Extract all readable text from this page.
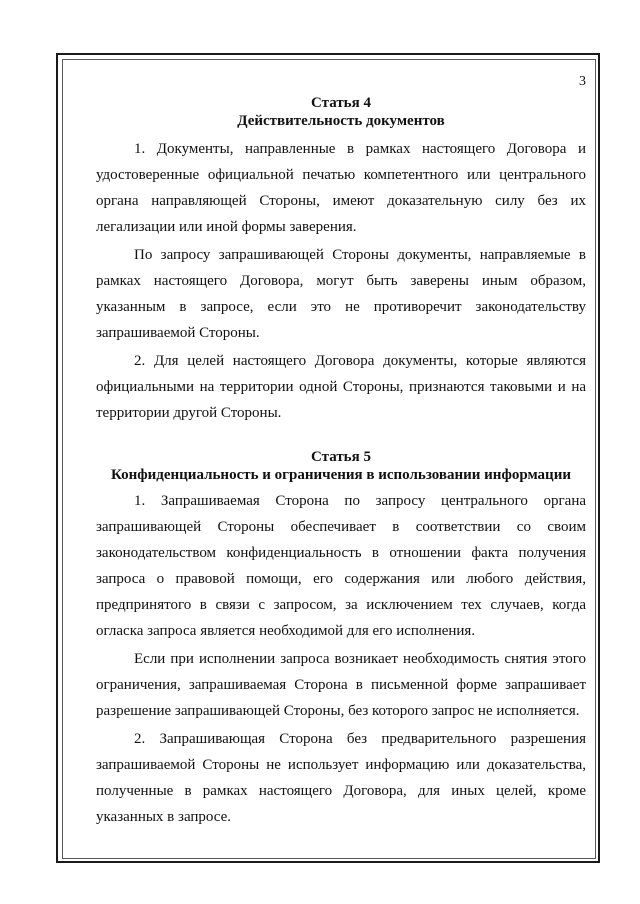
3

Статья 4

Действительность документов

1. Документы, направленные в рамках настоящего Договора и удостоверенные официальной печатью компетентного или центрального органа направляющей Стороны, имеют доказательную силу без их легализации или иной формы заверения.

По запросу запрашивающей Стороны документы, направляемые в рамках настоящего Договора, могут быть заверены иным образом, указанным в запросе, если это не противоречит законодательству запрашиваемой Стороны.

2. Для целей настоящего Договора документы, которые являются официальными на территории одной Стороны, признаются таковыми и на территории другой Стороны.

Статья 5

Конфиденциальность и ограничения в использовании информации

1. Запрашиваемая Сторона по запросу центрального органа запрашивающей Стороны обеспечивает в соответствии со своим законодательством конфиденциальность в отношении факта получения запроса о правовой помощи, его содержания или любого действия, предпринятого в связи с запросом, за исключением тех случаев, когда огласка запроса является необходимой для его исполнения.

Если при исполнении запроса возникает необходимость снятия этого ограничения, запрашиваемая Сторона в письменной форме запрашивает разрешение запрашивающей Стороны, без которого запрос не исполняется.

2. Запрашивающая Сторона без предварительного разрешения запрашиваемой Стороны не использует информацию или доказательства, полученные в рамках настоящего Договора, для иных целей, кроме указанных в запросе.
